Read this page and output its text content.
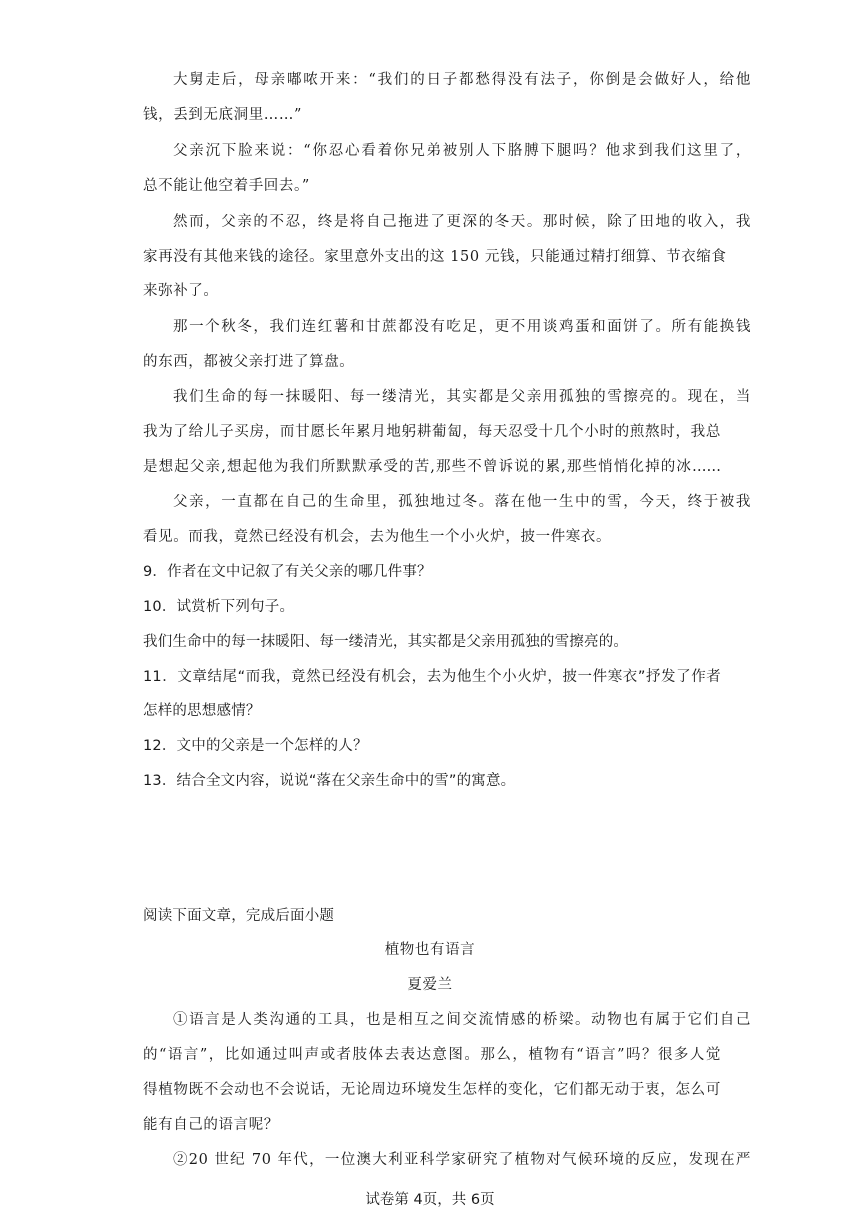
大舅走后，母亲嘟哝开来：“我们的日子都愁得没有法子，你倒是会做好人，给他
钱，丢到无底洞里……”
父亲沉下脸来说：“你忍心看着你兄弟被别人下胳膊下腿吗？他求到我们这里了，
总不能让他空着手回去。”
然而，父亲的不忍，终是将自己拖进了更深的冬天。那时候，除了田地的收入，我
家再没有其他来钱的途径。家里意外支出的这 150 元钱，只能通过精打细算、节衣缩食
来弥补了。
那一个秋冬，我们连红薯和甘蔗都没有吃足，更不用谈鸡蛋和面饼了。所有能换钱
的东西，都被父亲打进了算盘。
我们生命的每一抹暖阳、每一缕清光，其实都是父亲用孤独的雪擦亮的。现在，当
我为了给儿子买房，而甘愿长年累月地躬耕葡匐，每天忍受十几个小时的煎熬时，我总
是想起父亲,想起他为我们所默默承受的苦,那些不曾诉说的累,那些悄悄化掉的冰……
父亲，一直都在自己的生命里，孤独地过冬。落在他一生中的雪，今天，终于被我
看见。而我，竟然已经没有机会，去为他生一个小火炉，披一件寒衣。
9．作者在文中记叙了有关父亲的哪几件事？
10．试赏析下列句子。
我们生命中的每一抹暖阳、每一缕清光，其实都是父亲用孤独的雪擦亮的。
11．文章结尾“而我，竟然已经没有机会，去为他生个小火炉，披一件寒衣”抒发了作者
怎样的思想感情？
12．文中的父亲是一个怎样的人？
13．结合全文内容，说说“落在父亲生命中的雪”的寓意。
阅读下面文章，完成后面小题
植物也有语言
夏爱兰
①语言是人类沟通的工具，也是相互之间交流情感的桥梁。动物也有属于它们自己
的“语言”，比如通过叫声或者肢体去表达意图。那么，植物有“语言”吗？很多人觉
得植物既不会动也不会说话，无论周边环境发生怎样的变化，它们都无动于衷，怎么可
能有自己的语言呢？
②20 世纪 70 年代，一位澳大利亚科学家研究了植物对气候环境的反应，发现在严
试卷第 4页，共 6页
